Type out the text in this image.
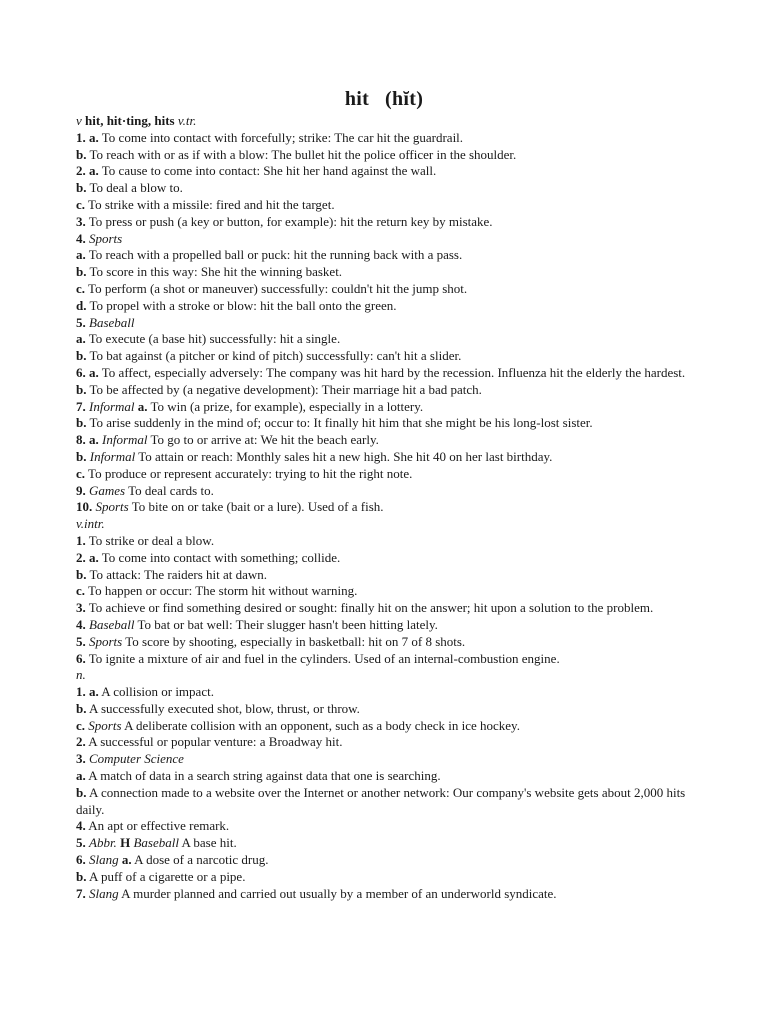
hit (hĭt)
v hit, hit·ting, hits v.tr.
1. a. To come into contact with forcefully; strike: The car hit the guardrail.
b. To reach with or as if with a blow: The bullet hit the police officer in the shoulder.
2. a. To cause to come into contact: She hit her hand against the wall.
b. To deal a blow to.
c. To strike with a missile: fired and hit the target.
3. To press or push (a key or button, for example): hit the return key by mistake.
4. Sports
a. To reach with a propelled ball or puck: hit the running back with a pass.
b. To score in this way: She hit the winning basket.
c. To perform (a shot or maneuver) successfully: couldn't hit the jump shot.
d. To propel with a stroke or blow: hit the ball onto the green.
5. Baseball
a. To execute (a base hit) successfully: hit a single.
b. To bat against (a pitcher or kind of pitch) successfully: can't hit a slider.
6. a. To affect, especially adversely: The company was hit hard by the recession. Influenza hit the elderly the hardest.
b. To be affected by (a negative development): Their marriage hit a bad patch.
7. Informal a. To win (a prize, for example), especially in a lottery.
b. To arise suddenly in the mind of; occur to: It finally hit him that she might be his long-lost sister.
8. a. Informal To go to or arrive at: We hit the beach early.
b. Informal To attain or reach: Monthly sales hit a new high. She hit 40 on her last birthday.
c. To produce or represent accurately: trying to hit the right note.
9. Games To deal cards to.
10. Sports To bite on or take (bait or a lure). Used of a fish.
v.intr.
1. To strike or deal a blow.
2. a. To come into contact with something; collide.
b. To attack: The raiders hit at dawn.
c. To happen or occur: The storm hit without warning.
3. To achieve or find something desired or sought: finally hit on the answer; hit upon a solution to the problem.
4. Baseball To bat or bat well: Their slugger hasn't been hitting lately.
5. Sports To score by shooting, especially in basketball: hit on 7 of 8 shots.
6. To ignite a mixture of air and fuel in the cylinders. Used of an internal-combustion engine.
n.
1. a. A collision or impact.
b. A successfully executed shot, blow, thrust, or throw.
c. Sports A deliberate collision with an opponent, such as a body check in ice hockey.
2. A successful or popular venture: a Broadway hit.
3. Computer Science
a. A match of data in a search string against data that one is searching.
b. A connection made to a website over the Internet or another network: Our company's website gets about 2,000 hits daily.
4. An apt or effective remark.
5. Abbr. H Baseball A base hit.
6. Slang a. A dose of a narcotic drug.
b. A puff of a cigarette or a pipe.
7. Slang A murder planned and carried out usually by a member of an underworld syndicate.
